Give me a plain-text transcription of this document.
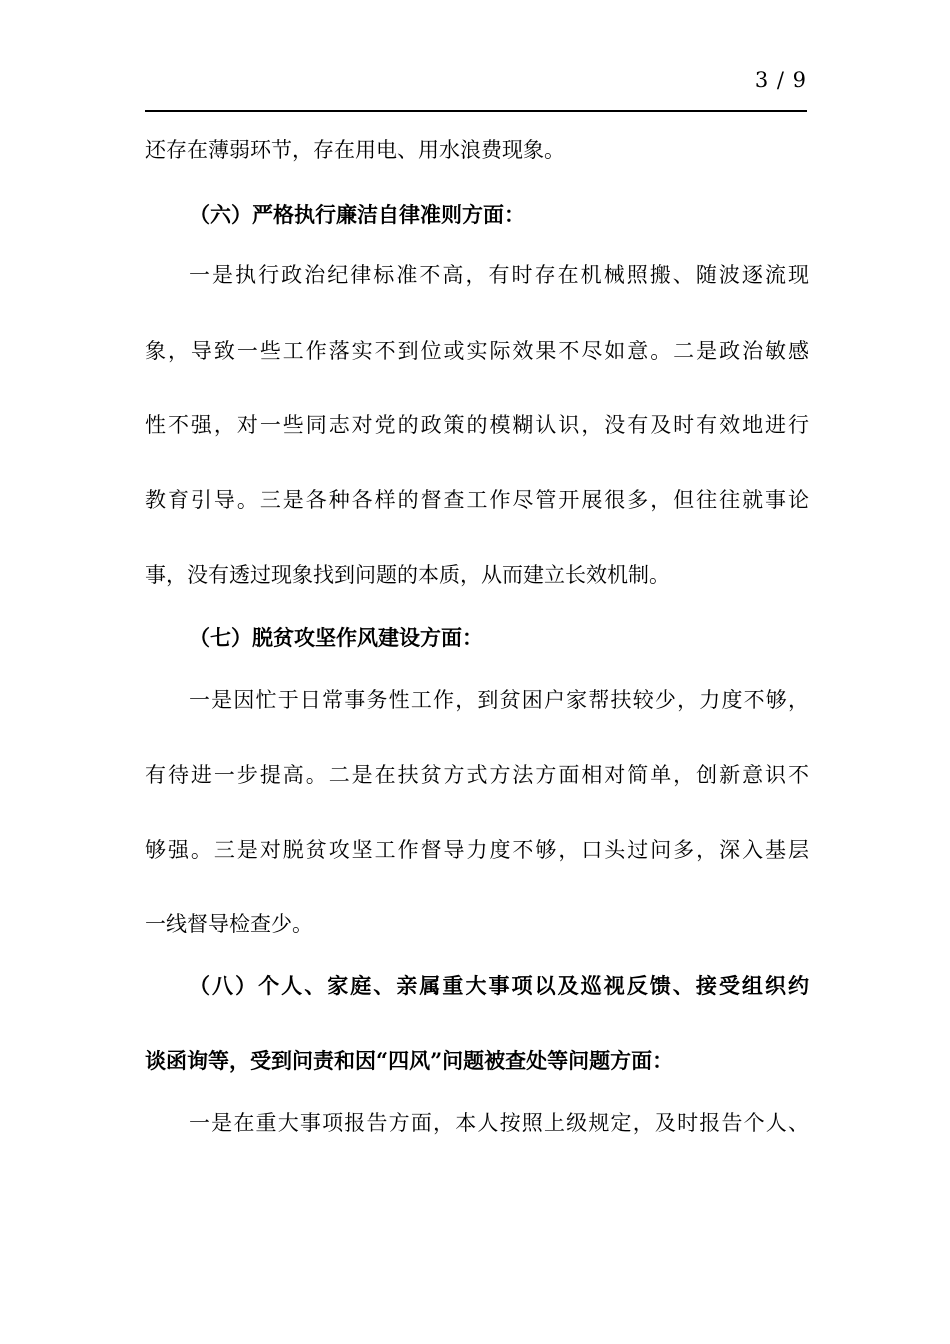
3 / 9
还存在薄弱环节，存在用电、用水浪费现象。
（六）严格执行廉洁自律准则方面：
一是执行政治纪律标准不高，有时存在机械照搬、随波逐流现
象，导致一些工作落实不到位或实际效果不尽如意。二是政治敏感
性不强，对一些同志对党的政策的模糊认识，没有及时有效地进行
教育引导。三是各种各样的督查工作尽管开展很多，但往往就事论
事，没有透过现象找到问题的本质，从而建立长效机制。
（七）脱贫攻坚作风建设方面：
一是因忙于日常事务性工作，到贫困户家帮扶较少，力度不够，
有待进一步提高。二是在扶贫方式方法方面相对简单，创新意识不
够强。三是对脱贫攻坚工作督导力度不够，口头过问多，深入基层
一线督导检查少。
（八）个人、家庭、亲属重大事项以及巡视反馈、接受组织约
谈函询等，受到问责和因“四风”问题被查处等问题方面：
一是在重大事项报告方面，本人按照上级规定，及时报告个人、
